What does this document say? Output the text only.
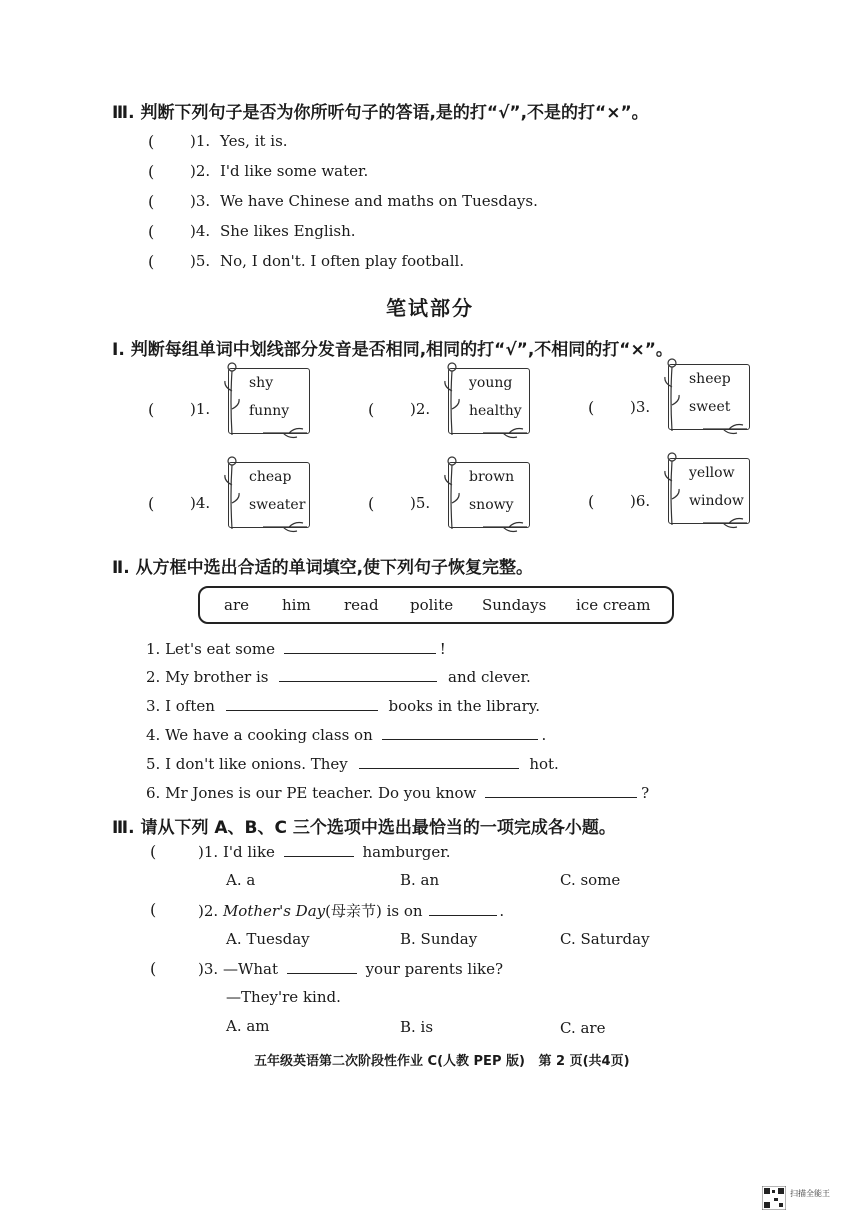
Ⅲ. 判断下列句子是否为你所听句子的答语,是的打“√”,不是的打“×”。
( )1. Yes, it is.
( )2. I'd like some water.
( )3. We have Chinese and maths on Tuesdays.
( )4. She likes English.
( )5. No, I don't. I often play football.
笔试部分
Ⅰ. 判断每组单词中划线部分发音是否相同,相同的打“√”,不相同的打“×”。
( )1.
shy
funny	( )2.
young
healthy	( )3.
sheep
sweet
( )4.
cheap
sweater	( )5.
brown
snowy	( )6.
yellow
window
Ⅱ. 从方框中选出合适的单词填空,使下列句子恢复完整。
are him read polite Sundays ice cream
1. Let's eat some	!
2. My brother is	and clever.
3. I often	books in the library.
4. We have a cooking class on	.
5. I don't like onions. They	hot.
6. Mr Jones is our PE teacher. Do you know	?
Ⅲ. 请从下列 A、B、C 三个选项中选出最恰当的一项完成各小题。
(	)1. I'd like	hamburger.
A. a	B. an	C. some
(	)2. Mother's Day(母亲节) is on	.
A. Tuesday	B. Sunday	C. Saturday
(	)3. —What	your parents like?
—They're kind.
A. am	B. is	C. are
五年级英语第二次阶段性作业 C(人教 PEP 版)   第 2 页(共4页)
扫描全能王
